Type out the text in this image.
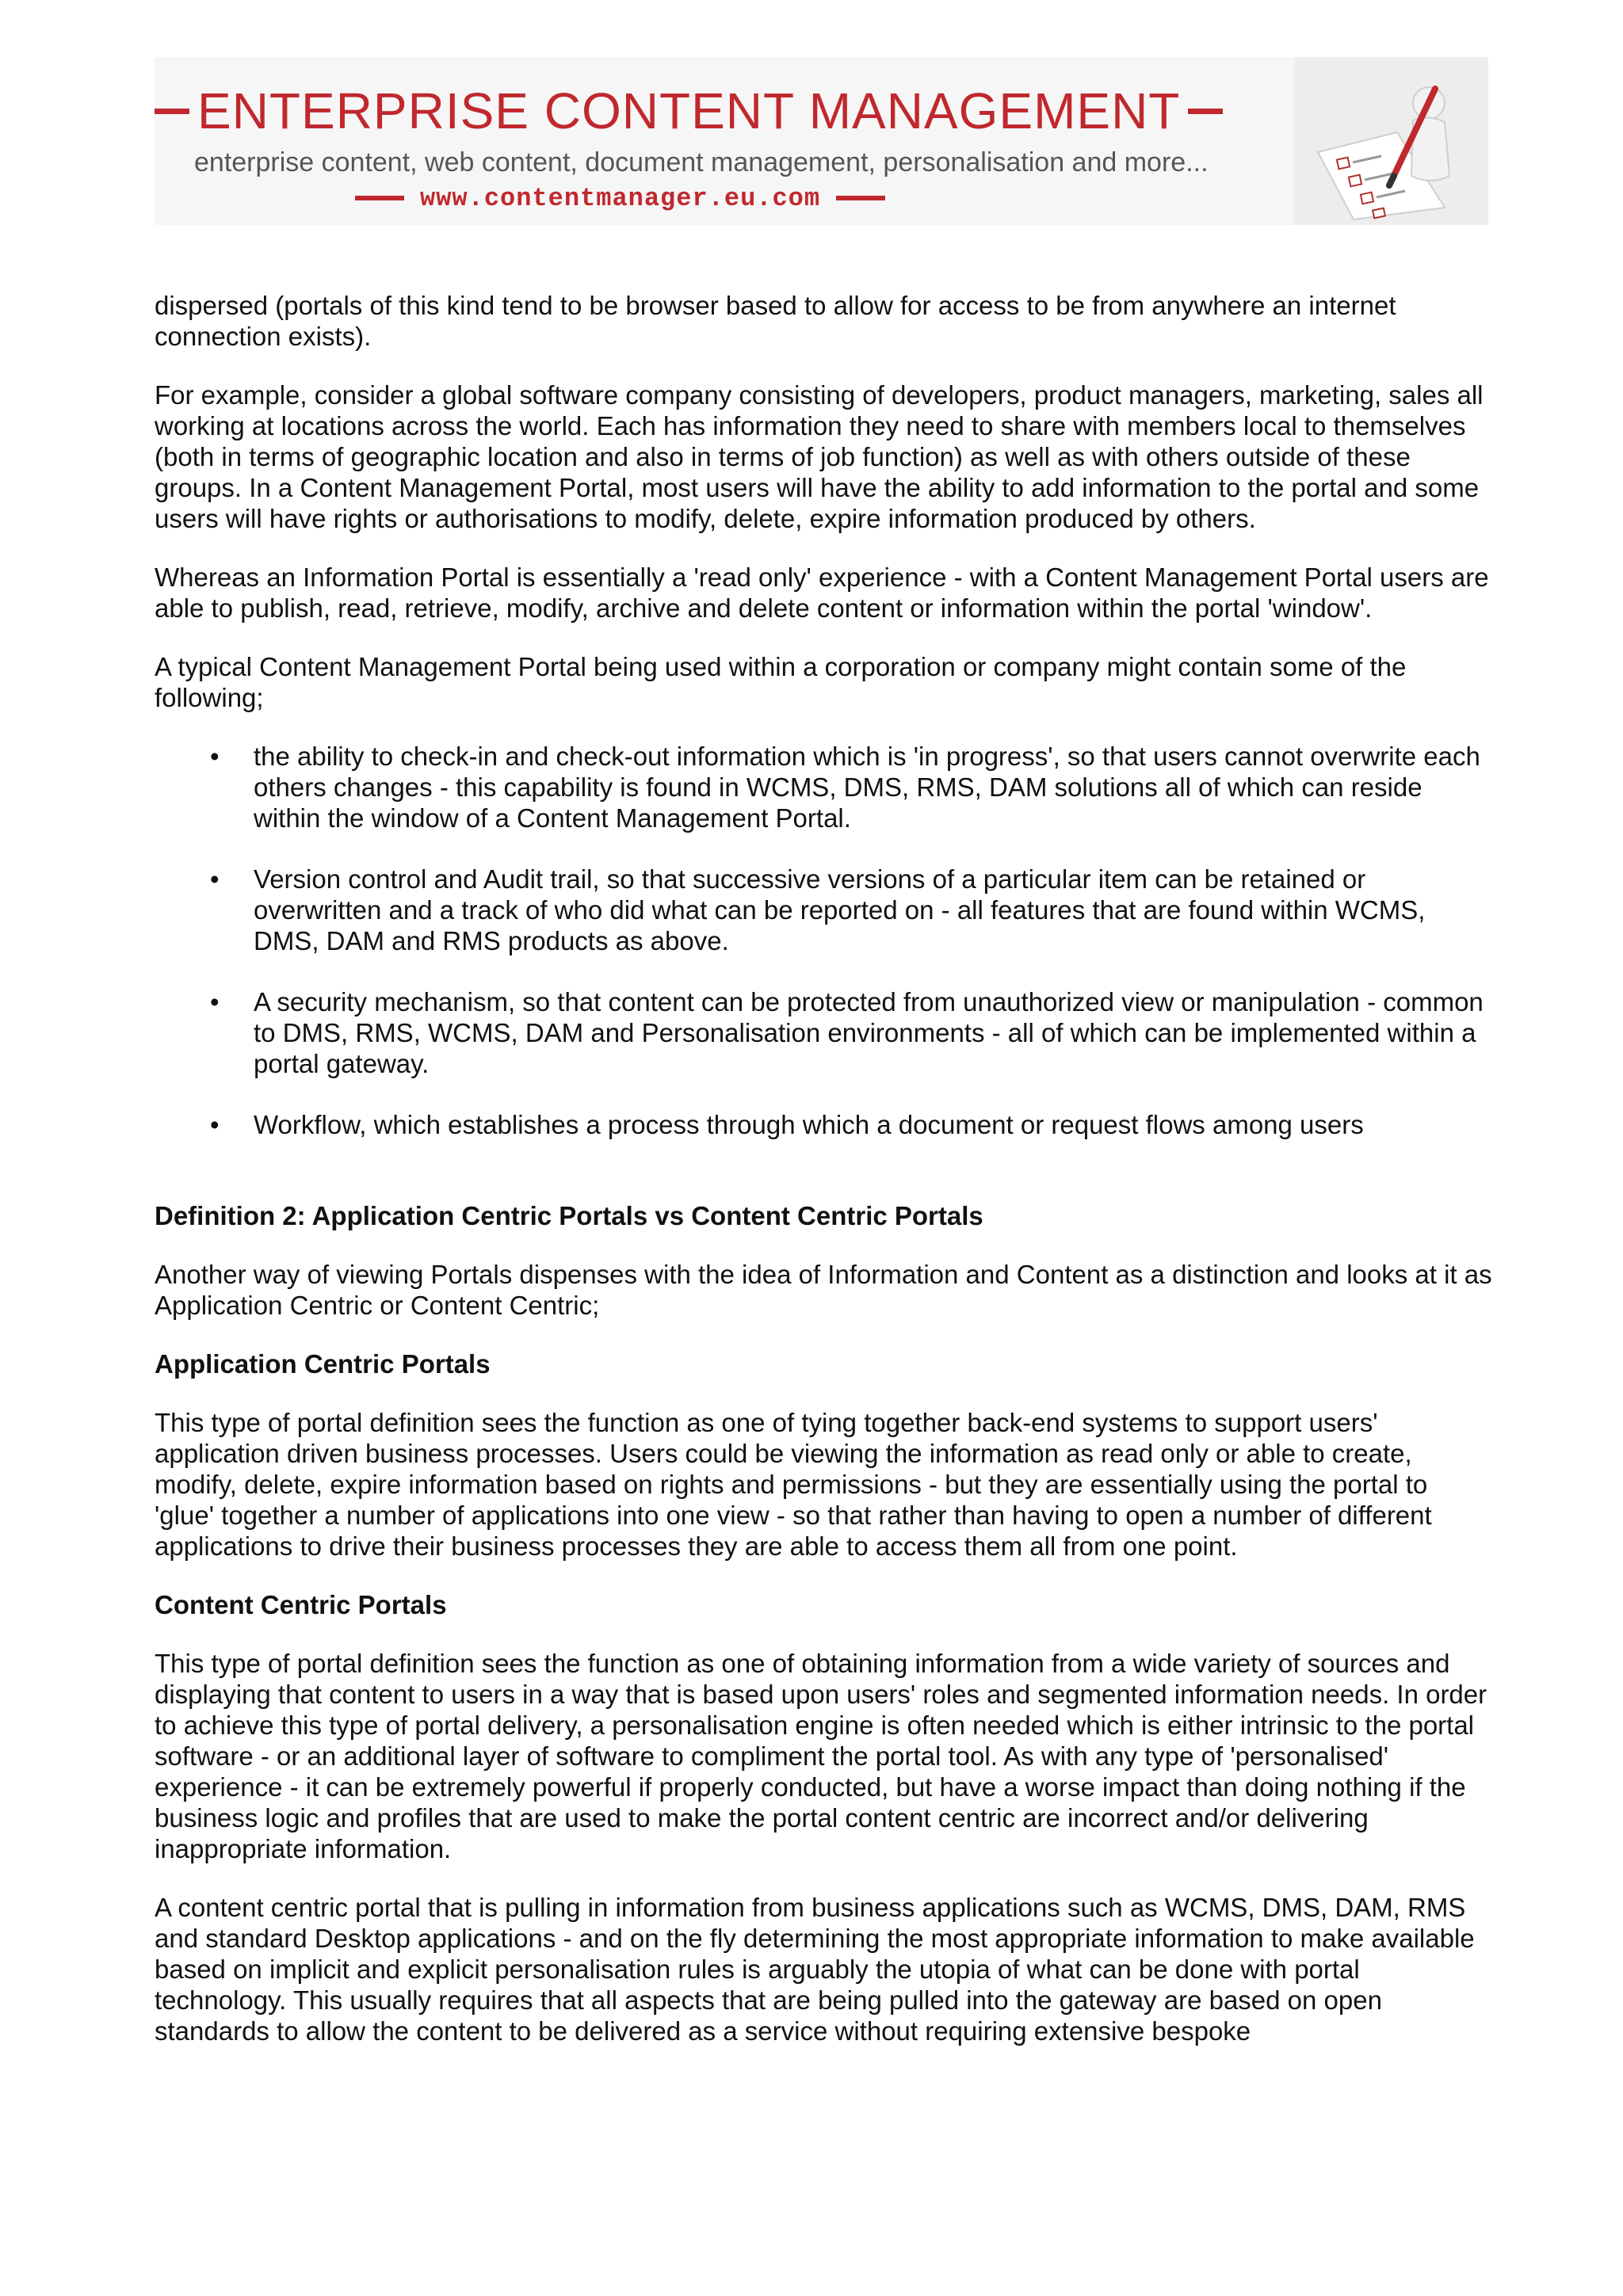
ENTERPRISE CONTENT MANAGEMENT
enterprise content, web content, document management, personalisation and more...
www.contentmanager.eu.com

dispersed (portals of this kind tend to be browser based to allow for access to be from anywhere an internet connection exists).

For example, consider a global software company consisting of developers, product managers, marketing, sales all working at locations across the world. Each has information they need to share with members local to themselves (both in terms of geographic location and also in terms of job function) as well as with others outside of these groups. In a Content Management Portal, most users will have the ability to add information to the portal and some users will have rights or authorisations to modify, delete, expire information produced by others.

Whereas an Information Portal is essentially a 'read only' experience - with a Content Management Portal users are able to publish, read, retrieve, modify, archive and delete content or information within the portal 'window'.

A typical Content Management Portal being used within a corporation or company might contain some of the following;

• the ability to check-in and check-out information which is 'in progress', so that users cannot overwrite each others changes - this capability is found in WCMS, DMS, RMS, DAM solutions all of which can reside within the window of a Content Management Portal.
• Version control and Audit trail, so that successive versions of a particular item can be retained or overwritten and a track of who did what can be reported on - all features that are found within WCMS, DMS, DAM and RMS products as above.
• A security mechanism, so that content can be protected from unauthorized view or manipulation - common to DMS, RMS, WCMS, DAM and Personalisation environments - all of which can be implemented within a portal gateway.
• Workflow, which establishes a process through which a document or request flows among users
Definition 2: Application Centric Portals vs Content Centric Portals

Another way of viewing Portals dispenses with the idea of Information and Content as a distinction and looks at it as Application Centric or Content Centric;

Application Centric Portals

This type of portal definition sees the function as one of tying together back-end systems to support users' application driven business processes. Users could be viewing the information as read only or able to create, modify, delete, expire information based on rights and permissions - but they are essentially using the portal to 'glue' together a number of applications into one view - so that rather than having to open a number of different applications to drive their business processes they are able to access them all from one point.

Content Centric Portals

This type of portal definition sees the function as one of obtaining information from a wide variety of sources and displaying that content to users in a way that is based upon users' roles and segmented information needs. In order to achieve this type of portal delivery, a personalisation engine is often needed which is either intrinsic to the portal software - or an additional layer of software to compliment the portal tool. As with any type of 'personalised' experience - it can be extremely powerful if properly conducted, but have a worse impact than doing nothing if the business logic and profiles that are used to make the portal content centric are incorrect and/or delivering inappropriate information.

A content centric portal that is pulling in information from business applications such as WCMS, DMS, DAM, RMS and standard Desktop applications - and on the fly determining the most appropriate information to make available based on implicit and explicit personalisation rules is arguably the utopia of what can be done with portal technology. This usually requires that all aspects that are being pulled into the gateway are based on open standards to allow the content to be delivered as a service without requiring extensive bespoke
